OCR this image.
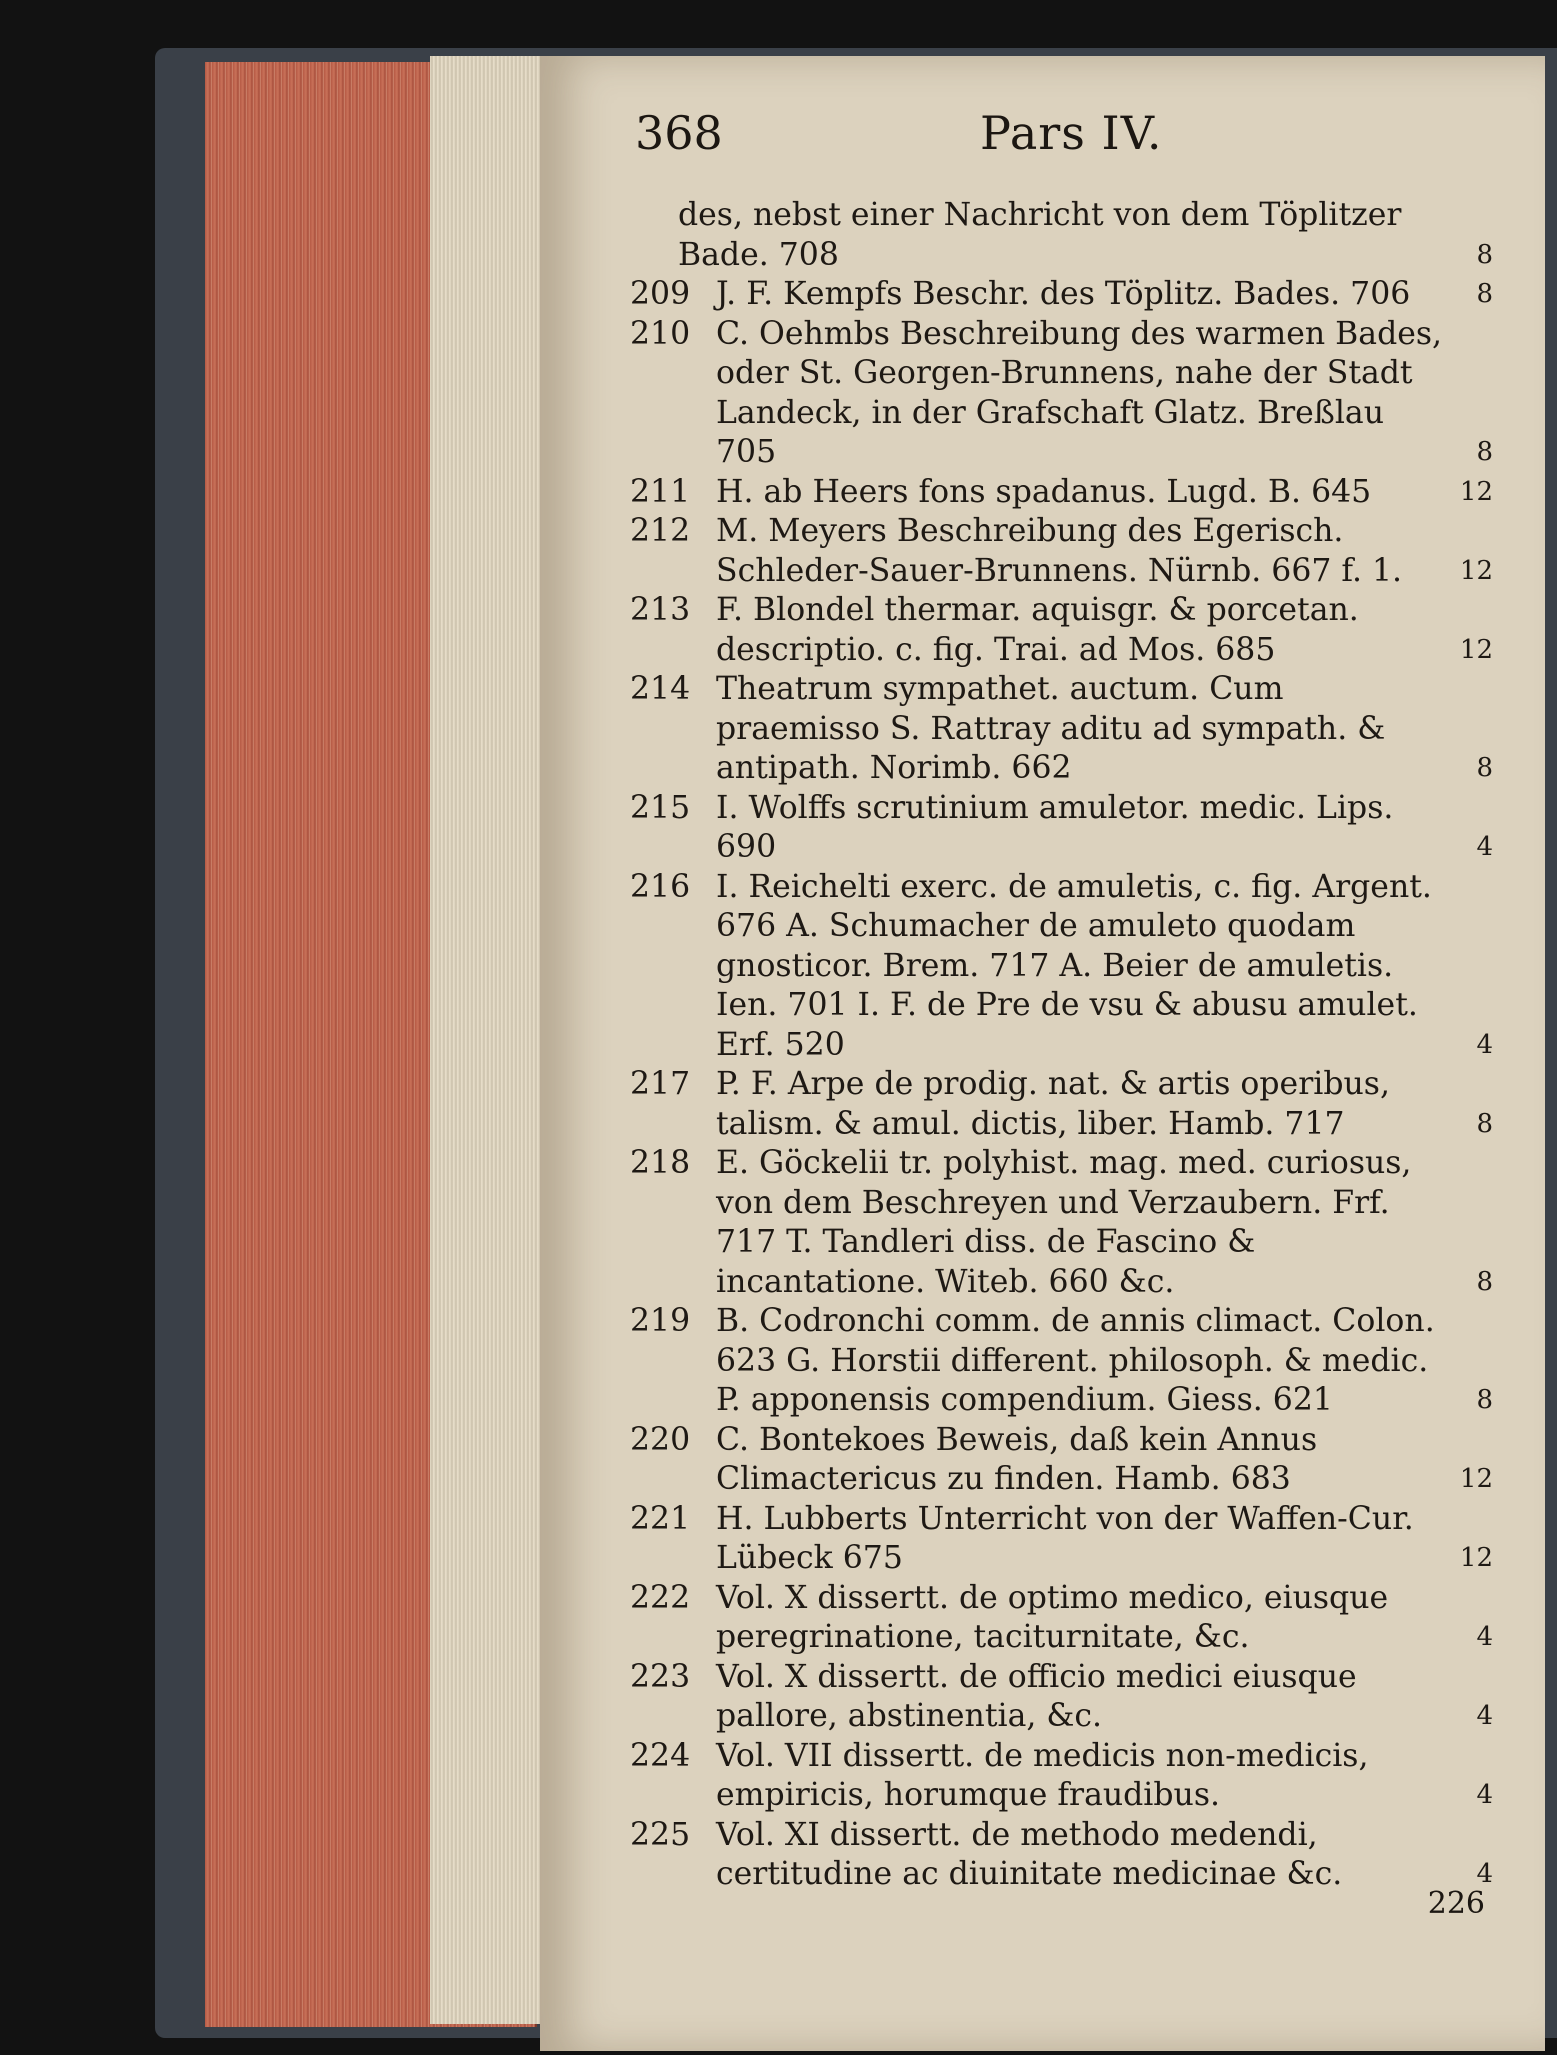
368	Pars IV.
des, nebst einer Nachricht von dem Töplitzer Bade. 708	8
209 J. F. Kempfs Beschr. des Töplitz. Bades. 706	8
210 C. Oehmbs Beschreibung des warmen Bades, oder St. Georgen-Brunnens, nahe der Stadt Landeck, in der Grafschaft Glatz. Breßlau 705	8
211 H. ab Heers fons spadanus. Lugd. B. 645	12
212 M. Meyers Beschreibung des Egerisch. Schleder-Sauer-Brunnens. Nürnb. 667 f. 1.	12
213 F. Blondel thermar. aquisgr. & porcetan. descriptio. c. fig. Trai. ad Mos. 685	12
214 Theatrum sympathet. auctum. Cum praemisso S. Rattray aditu ad sympath. & antipath. Norimb. 662	8
215 I. Wolffs scrutinium amuletor. medic. Lips. 690	4
216 I. Reichelti exerc. de amuletis, c. fig. Argent. 676 A. Schumacher de amuleto quodam gnosticor. Brem. 717 A. Beier de amuletis. Ien. 701 I. F. de Pre de vsu & abusu amulet. Erf. 520	4
217 P. F. Arpe de prodig. nat. & artis operibus, talism. & amul. dictis, liber. Hamb. 717	8
218 E. Göckelii tr. polyhist. mag. med. curiosus, von dem Beschreyen und Verzaubern. Frf. 717 T. Tandleri diss. de Fascino & incantatione. Witeb. 660 &c.	8
219 B. Codronchi comm. de annis climact. Colon. 623 G. Horstii different. philosoph. & medic. P. apponensis compendium. Giess. 621	8
220 C. Bontekoes Beweis, daß kein Annus Climactericus zu finden. Hamb. 683	12
221 H. Lubberts Unterricht von der Waffen-Cur. Lübeck 675	12
222 Vol. X dissertt. de optimo medico, eiusque peregrinatione, taciturnitate, &c.	4
223 Vol. X dissertt. de officio medici eiusque pallore, abstinentia, &c.	4
224 Vol. VII dissertt. de medicis non-medicis, empiricis, horumque fraudibus.	4
225 Vol. XI dissertt. de methodo medendi, certitudine ac diuinitate medicinae &c.	4
226
